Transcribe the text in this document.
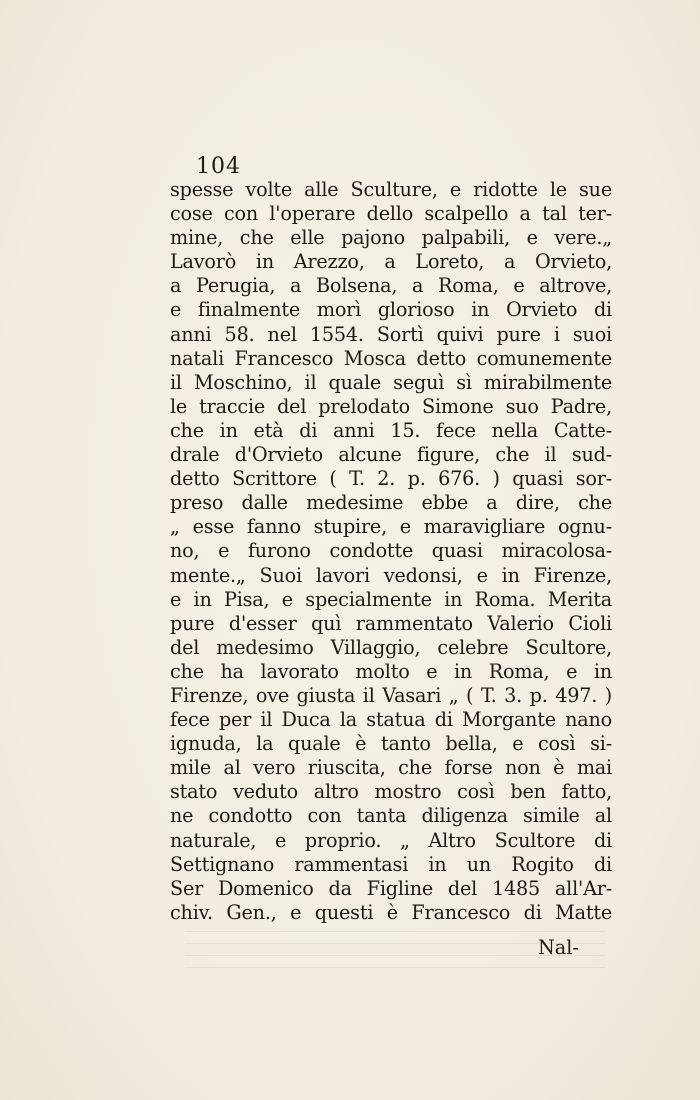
104
spesse volte alle Sculture, e ridotte le sue
cose con l'operare dello scalpello a tal ter-
mine, che elle pajono palpabili, e vere.„
Lavorò in Arezzo, a Loreto, a Orvieto,
a Perugia, a Bolsena, a Roma, e altrove,
e finalmente morì glorioso in Orvieto di
anni 58. nel 1554. Sortì quivi pure i suoi
natali Francesco Mosca detto comunemente
il Moschino, il quale seguì sì mirabilmente
le traccie del prelodato Simone suo Padre,
che in età di anni 15. fece nella Catte-
drale d'Orvieto alcune figure, che il sud-
detto Scrittore ( T. 2. p. 676. ) quasi sor-
preso dalle medesime ebbe a dire, che
„ esse fanno stupire, e maravigliare ognu-
no, e furono condotte quasi miracolosa-
mente.„ Suoi lavori vedonsi, e in Firenze,
e in Pisa, e specialmente in Roma. Merita
pure d'esser quì rammentato Valerio Cioli
del medesimo Villaggio, celebre Scultore,
che ha lavorato molto e in Roma, e in
Firenze, ove giusta il Vasari „ ( T. 3. p. 497. )
fece per il Duca la statua di Morgante nano
ignuda, la quale è tanto bella, e così si-
mile al vero riuscita, che forse non è mai
stato veduto altro mostro così ben fatto,
ne condotto con tanta diligenza simile al
naturale, e proprio. „ Altro Scultore di
Settignano rammentasi in un Rogito di
Ser Domenico da Figline del 1485 all'Ar-
chiv. Gen., e questi è Francesco di Matte
Nal-
